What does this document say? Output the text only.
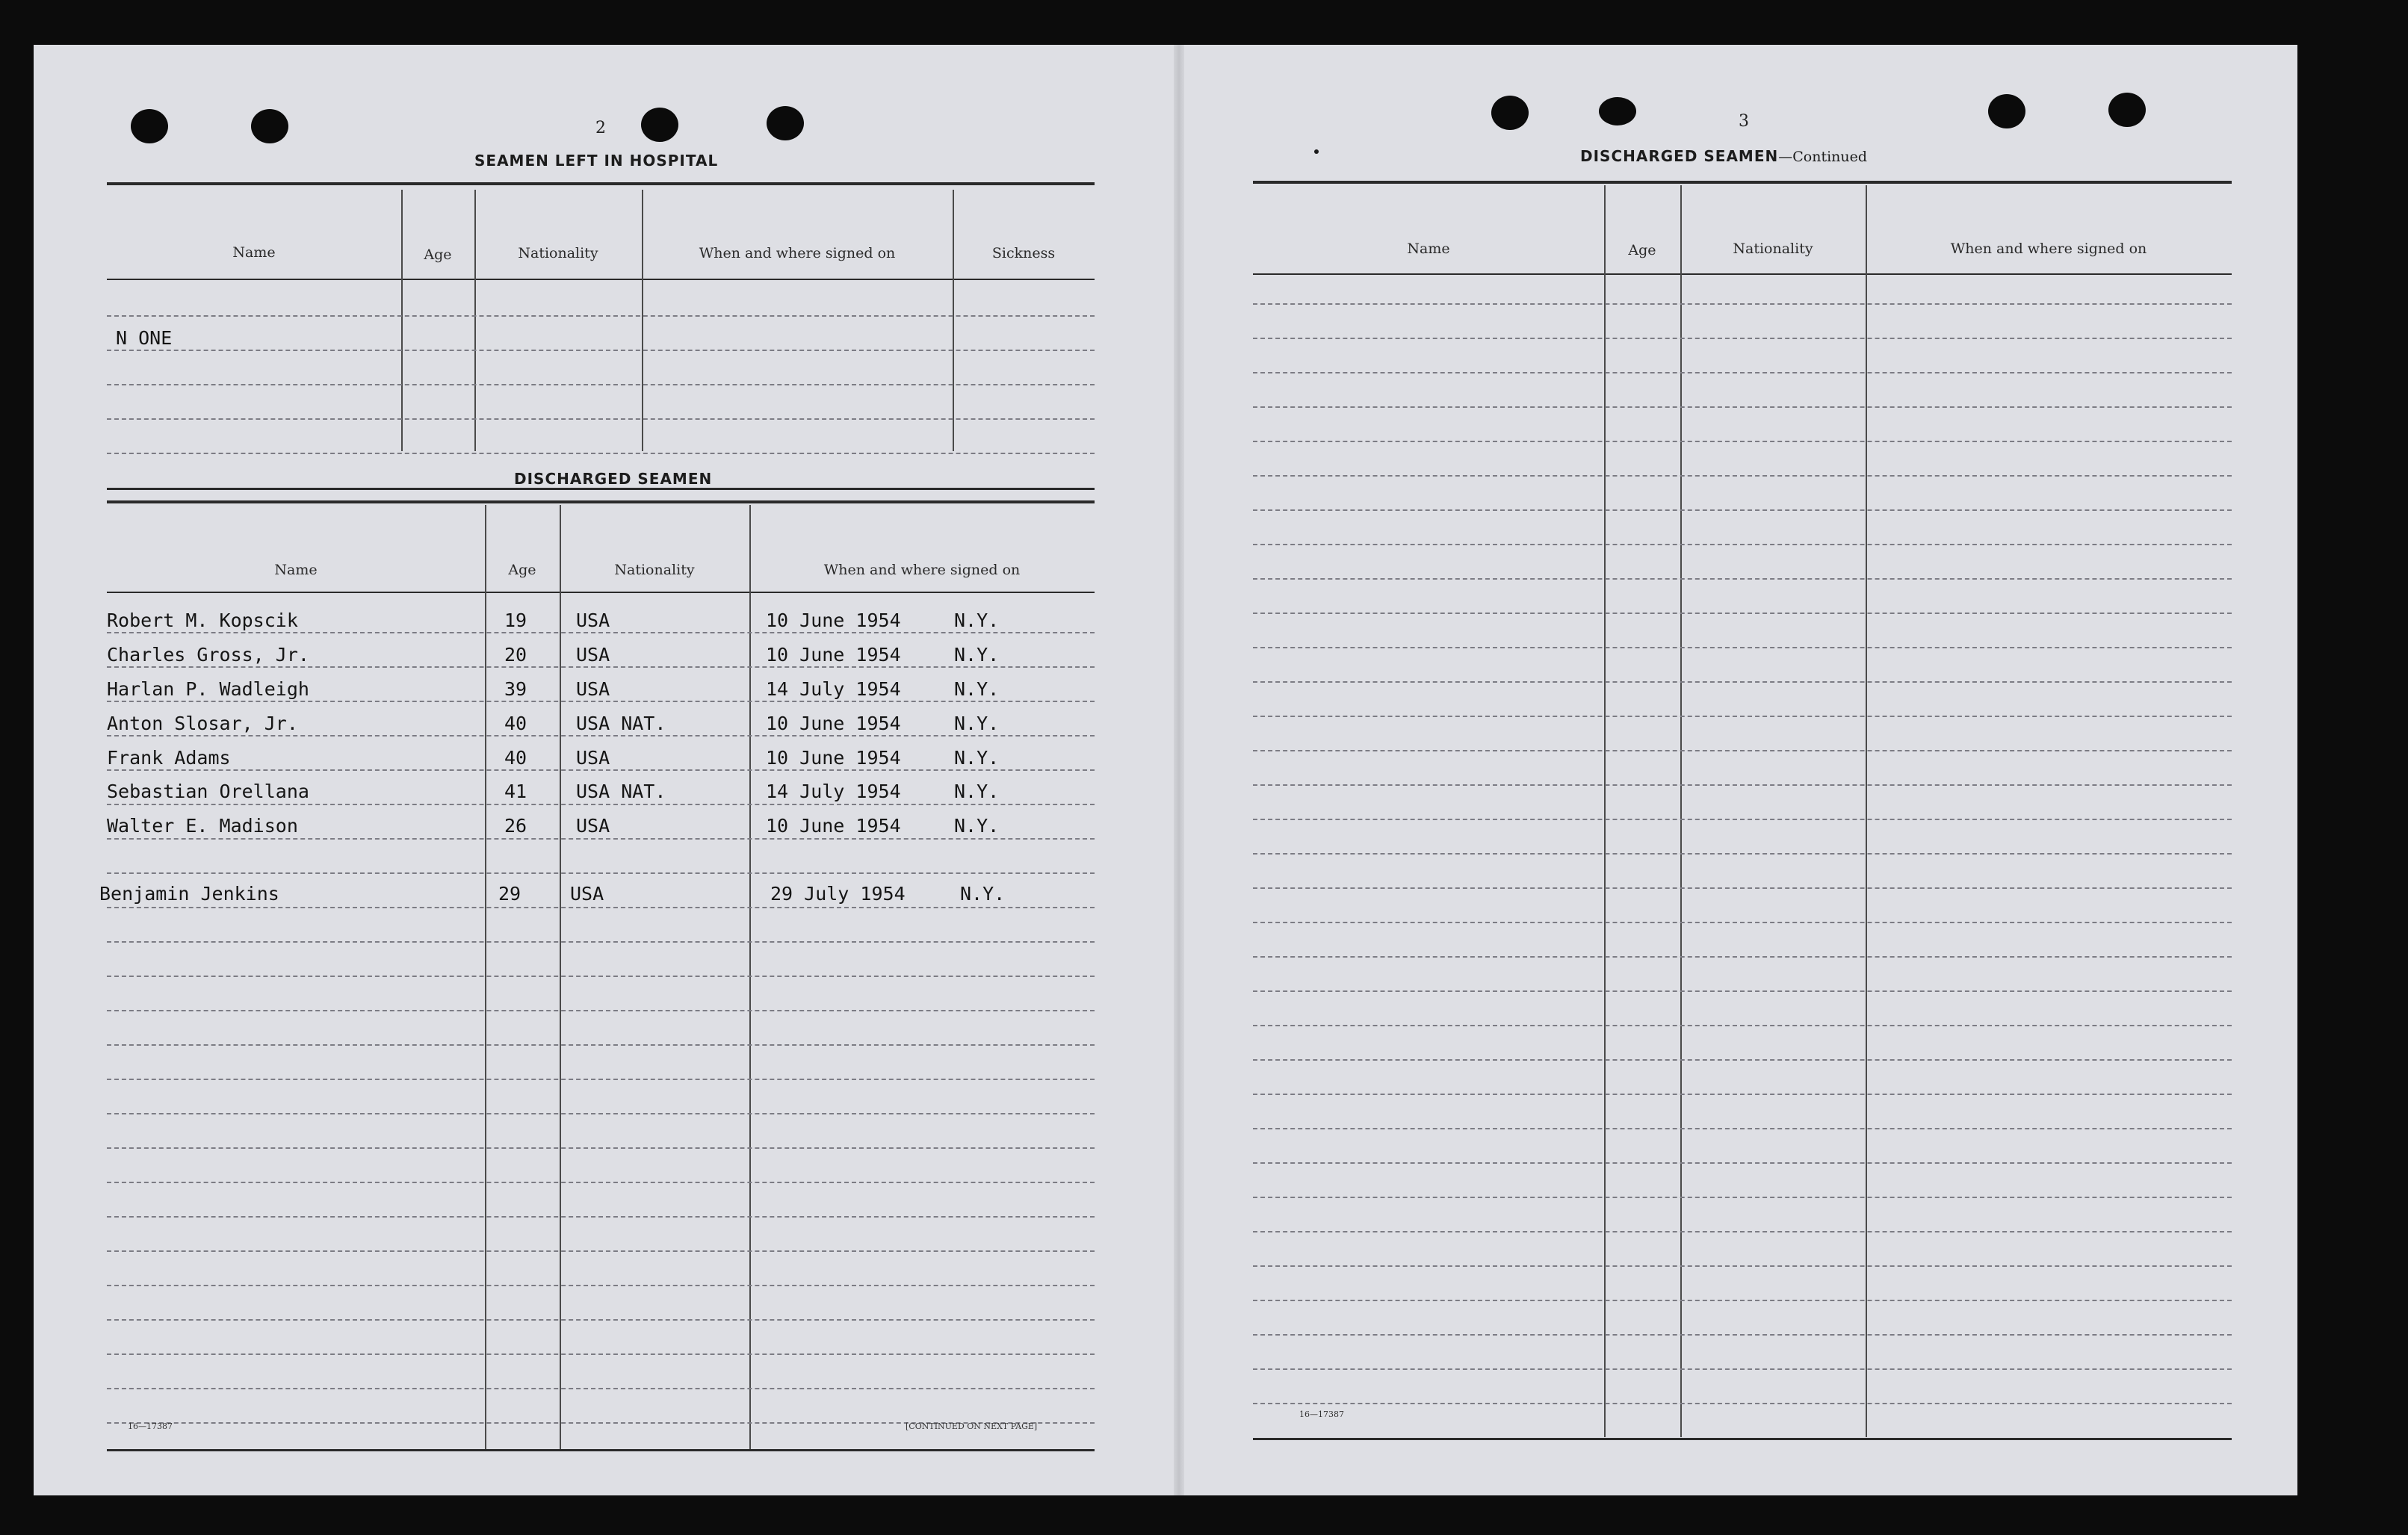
2
SEAMEN LEFT IN HOSPITAL
Name	Age	Nationality	When and where signed on	Sickness
N ONE
DISCHARGED SEAMEN
Name	Age	Nationality	When and where signed on
Robert M. Kopscik	19	USA	10 June 1954	N.Y.
Charles Gross, Jr.	20	USA	10 June 1954	N.Y.
Harlan P. Wadleigh	39	USA	14 July 1954	N.Y.
Anton Slosar, Jr.	40	USA NAT.	10 June 1954	N.Y.
Frank Adams	40	USA	10 June 1954	N.Y.
Sebastian Orellana	41	USA NAT.	14 July 1954	N.Y.
Walter E. Madison	26	USA	10 June 1954	N.Y.
Benjamin Jenkins	29	USA	29 July 1954	N.Y.
16—17387	[CONTINUED ON NEXT PAGE]
3
DISCHARGED SEAMEN—Continued
Name	Age	Nationality	When and where signed on
16—17387
